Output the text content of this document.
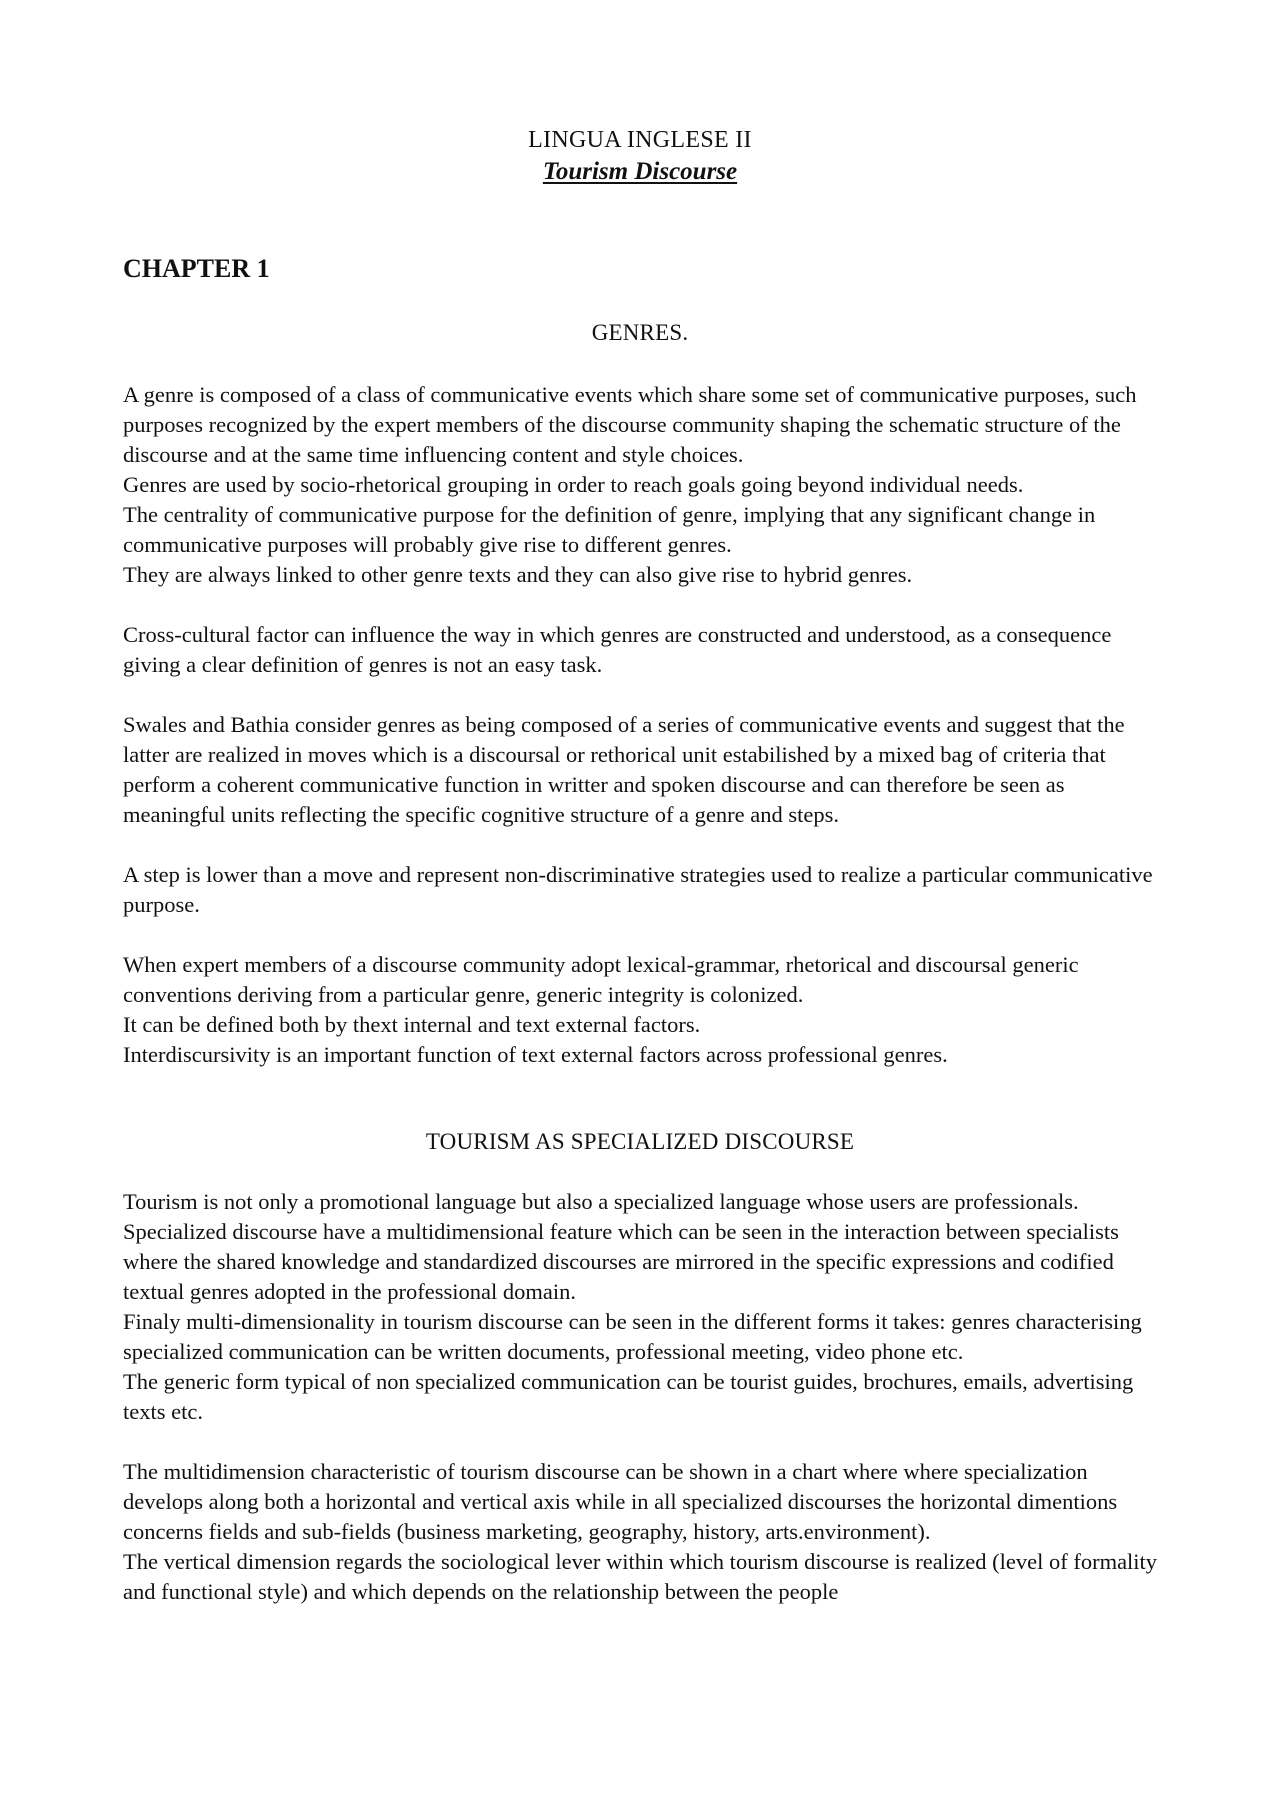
LINGUA INGLESE II
Tourism Discourse
CHAPTER 1
GENRES.

A genre is composed of a class of communicative events which share some set of communicative purposes, such purposes recognized by the expert members of the discourse community shaping the schematic structure of the discourse and at the same time influencing content and style choices.

Genres are used by socio-rhetorical grouping in order to reach goals going beyond individual needs.

The centrality of communicative purpose for the definition of genre, implying that any significant change in communicative purposes will probably give rise to different genres.

They are always linked to other genre texts and they can also give rise to hybrid genres.

Cross-cultural factor can influence the way in which genres are constructed and understood, as a consequence giving a clear definition of genres is not an easy task.

Swales and Bathia consider genres as being composed of a series of communicative events and suggest that the latter are realized in moves which is a discoursal or rethorical unit estabilished by a mixed bag of criteria that perform a coherent communicative function in writter and spoken discourse and can therefore be seen as meaningful units reflecting the specific cognitive structure of a genre and steps.

A step is lower than a move and represent non-discriminative strategies used to realize a particular communicative purpose.

When expert members of a discourse community adopt lexical-grammar, rhetorical and discoursal generic conventions deriving from a particular genre, generic integrity is colonized.

It can be defined both by thext internal and text external factors.

Interdiscursivity is an important function of text external factors across professional genres.

TOURISM AS SPECIALIZED DISCOURSE

Tourism is not only a promotional language but also a specialized language whose users are professionals.

Specialized discourse have a multidimensional feature which can be seen in the interaction between specialists where the shared knowledge and standardized discourses are mirrored in the specific expressions and codified textual genres adopted in the professional domain.

Finaly multi-dimensionality in tourism discourse can be seen in the different forms it takes: genres characterising specialized communication can be written documents, professional meeting, video phone etc.

The generic form typical of non specialized communication can be tourist guides, brochures, emails, advertising texts etc.

The multidimension characteristic of tourism discourse can be shown in a chart where where specialization develops along both a horizontal and vertical axis while in all specialized discourses the horizontal dimentions concerns fields and sub-fields (business marketing, geography, history, arts.environment).

The vertical dimension regards the sociological lever within which tourism discourse is realized (level of formality and functional style) and which depends on the relationship between the people
